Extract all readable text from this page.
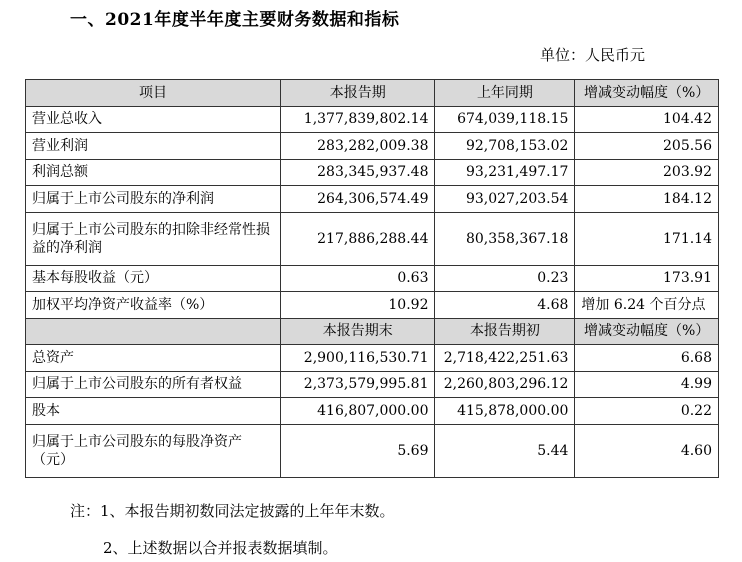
一、2021年度半年度主要财务数据和指标
单位：人民币元
项目	本报告期	上年同期	增减变动幅度（%）
营业总收入	1,377,839,802.14	674,039,118.15	104.42
营业利润	283,282,009.38	92,708,153.02	205.56
利润总额	283,345,937.48	93,231,497.17	203.92
归属于上市公司股东的净利润	264,306,574.49	93,027,203.54	184.12
归属于上市公司股东的扣除非经常性损益的净利润	217,886,288.44	80,358,367.18	171.14
基本每股收益（元）	0.63	0.23	173.91
加权平均净资产收益率（%）	10.92	4.68	增加 6.24 个百分点
	本报告期末	本报告期初	增减变动幅度（%）
总资产	2,900,116,530.71	2,718,422,251.63	6.68
归属于上市公司股东的所有者权益	2,373,579,995.81	2,260,803,296.12	4.99
股本	416,807,000.00	415,878,000.00	0.22
归属于上市公司股东的每股净资产（元）	5.69	5.44	4.60
注：1、本报告期初数同法定披露的上年年末数。
2、上述数据以合并报表数据填制。
